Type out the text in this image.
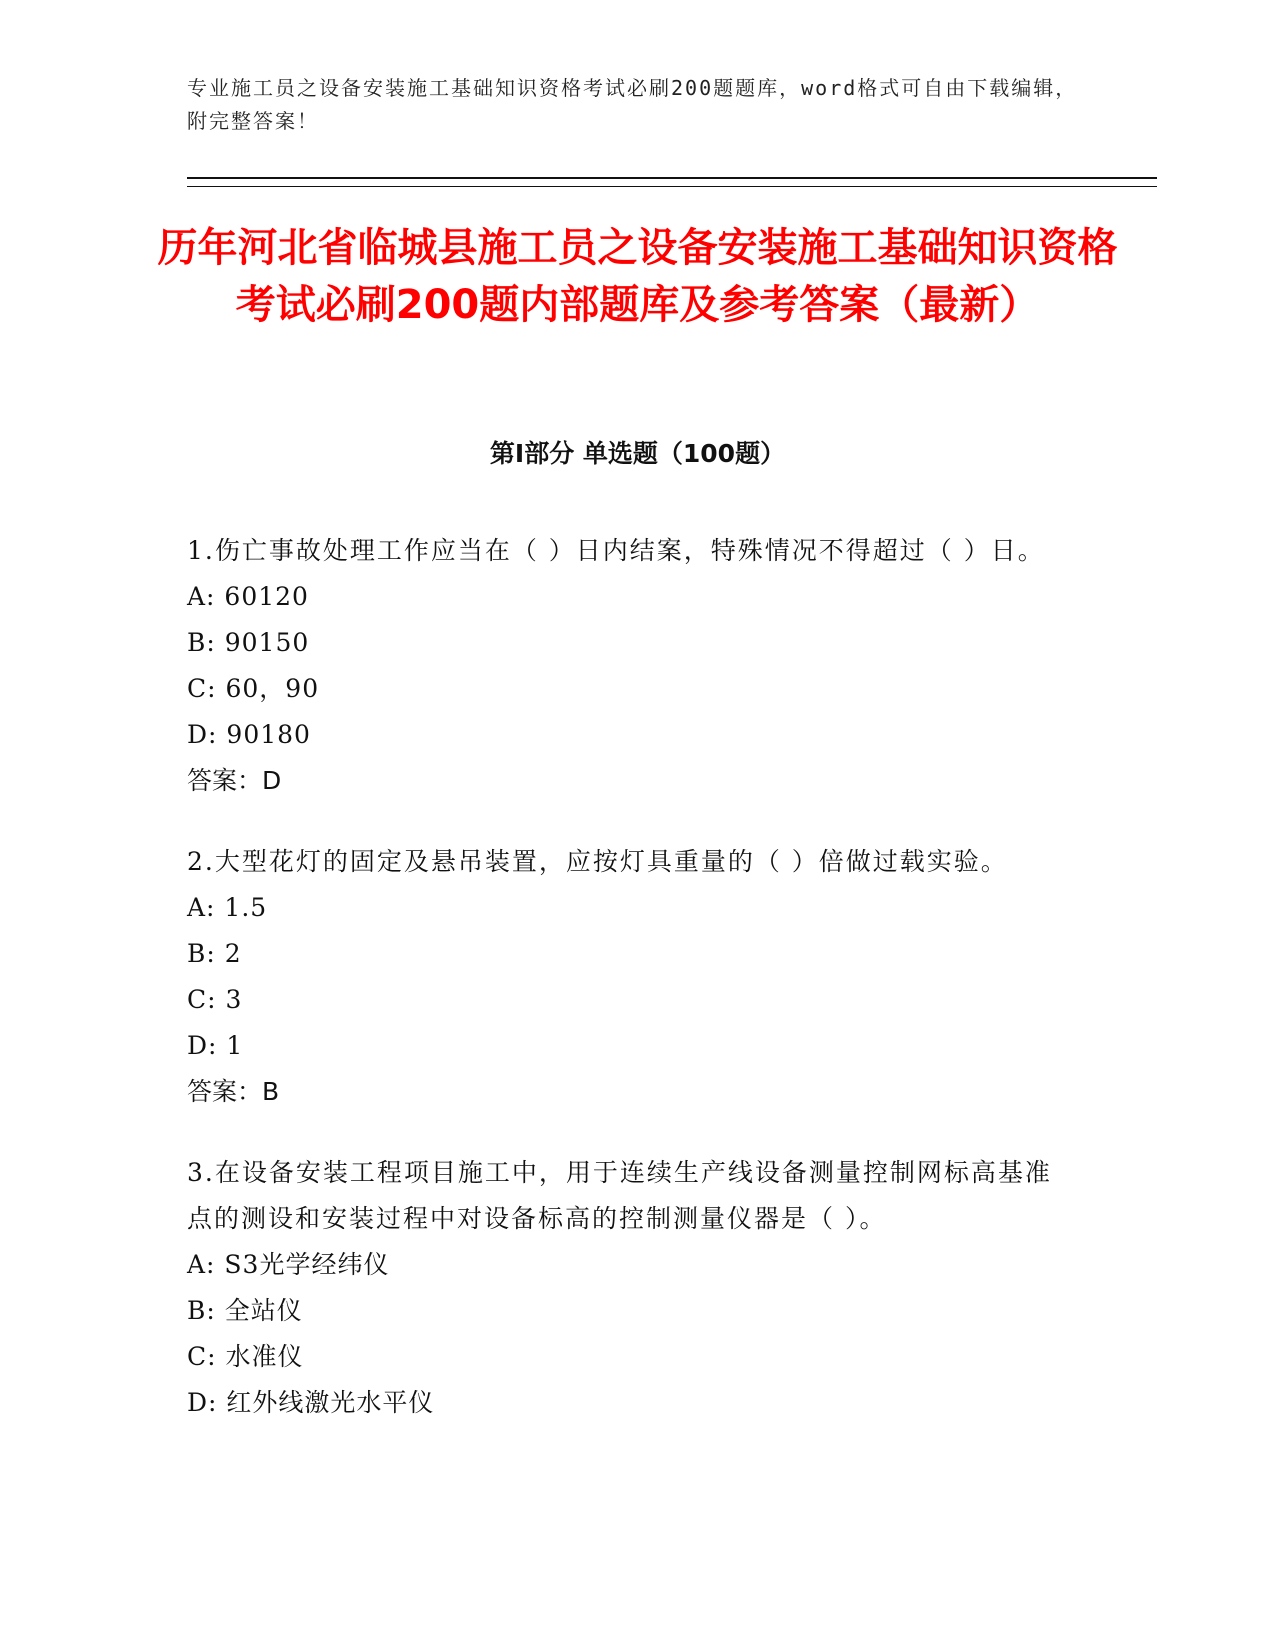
专业施工员之设备安装施工基础知识资格考试必刷200题题库，word格式可自由下载编辑，附完整答案！
历年河北省临城县施工员之设备安装施工基础知识资格考试必刷200题内部题库及参考答案（最新）
第I部分 单选题（100题）
1.伤亡事故处理工作应当在（ ）日内结案，特殊情况不得超过（ ）日。
A: 60120
B: 90150
C: 60，90
D: 90180
答案：D
2.大型花灯的固定及悬吊装置，应按灯具重量的（ ）倍做过载实验。
A: 1.5
B: 2
C: 3
D: 1
答案：B
3.在设备安装工程项目施工中，用于连续生产线设备测量控制网标高基准点的测设和安装过程中对设备标高的控制测量仪器是（ ）。
A: S3光学经纬仪
B: 全站仪
C: 水准仪
D: 红外线激光水平仪
